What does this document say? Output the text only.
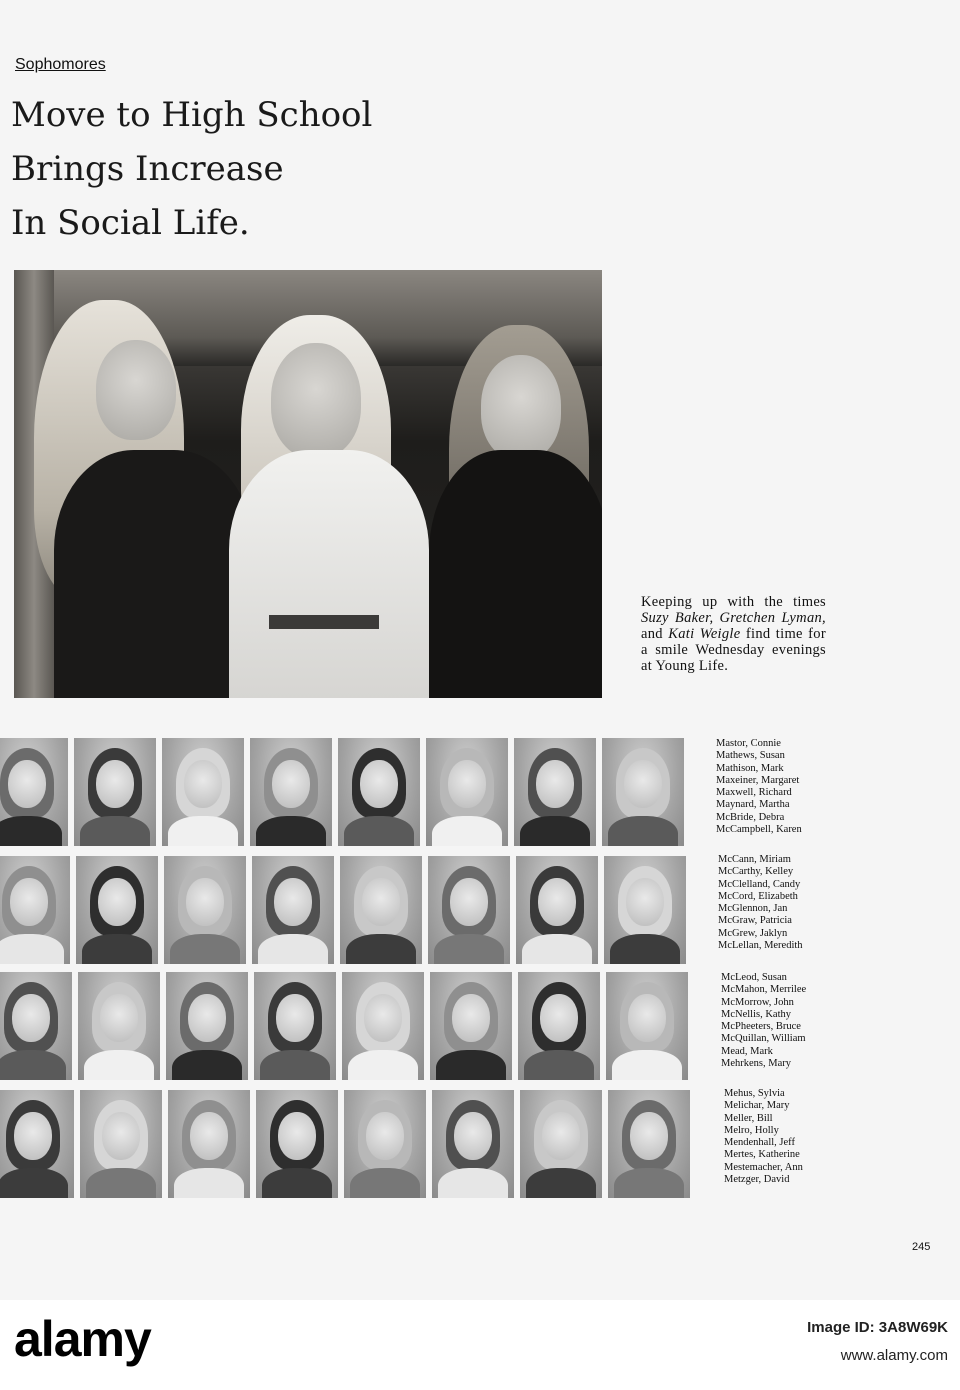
Sophomores
Move to High School
Brings Increase
In Social Life.
Keeping up with the times Suzy Baker, Gretchen Lyman, and Kati Weigle find time for a smile Wednesday evenings at Young Life.
Mastor, Connie
Mathews, Susan
Mathison, Mark
Maxeiner, Margaret
Maxwell, Richard
Maynard, Martha
McBride, Debra
McCampbell, Karen
McCann, Miriam
McCarthy, Kelley
McClelland, Candy
McCord, Elizabeth
McGlennon, Jan
McGraw, Patricia
McGrew, Jaklyn
McLellan, Meredith
McLeod, Susan
McMahon, Merrilee
McMorrow, John
McNellis, Kathy
McPheeters, Bruce
McQuillan, William
Mead, Mark
Mehrkens, Mary
Mehus, Sylvia
Melichar, Mary
Meller, Bill
Melro, Holly
Mendenhall, Jeff
Mertes, Katherine
Mestemacher, Ann
Metzger, David
245
alamy	Image ID: 3A8W69K
www.alamy.com
